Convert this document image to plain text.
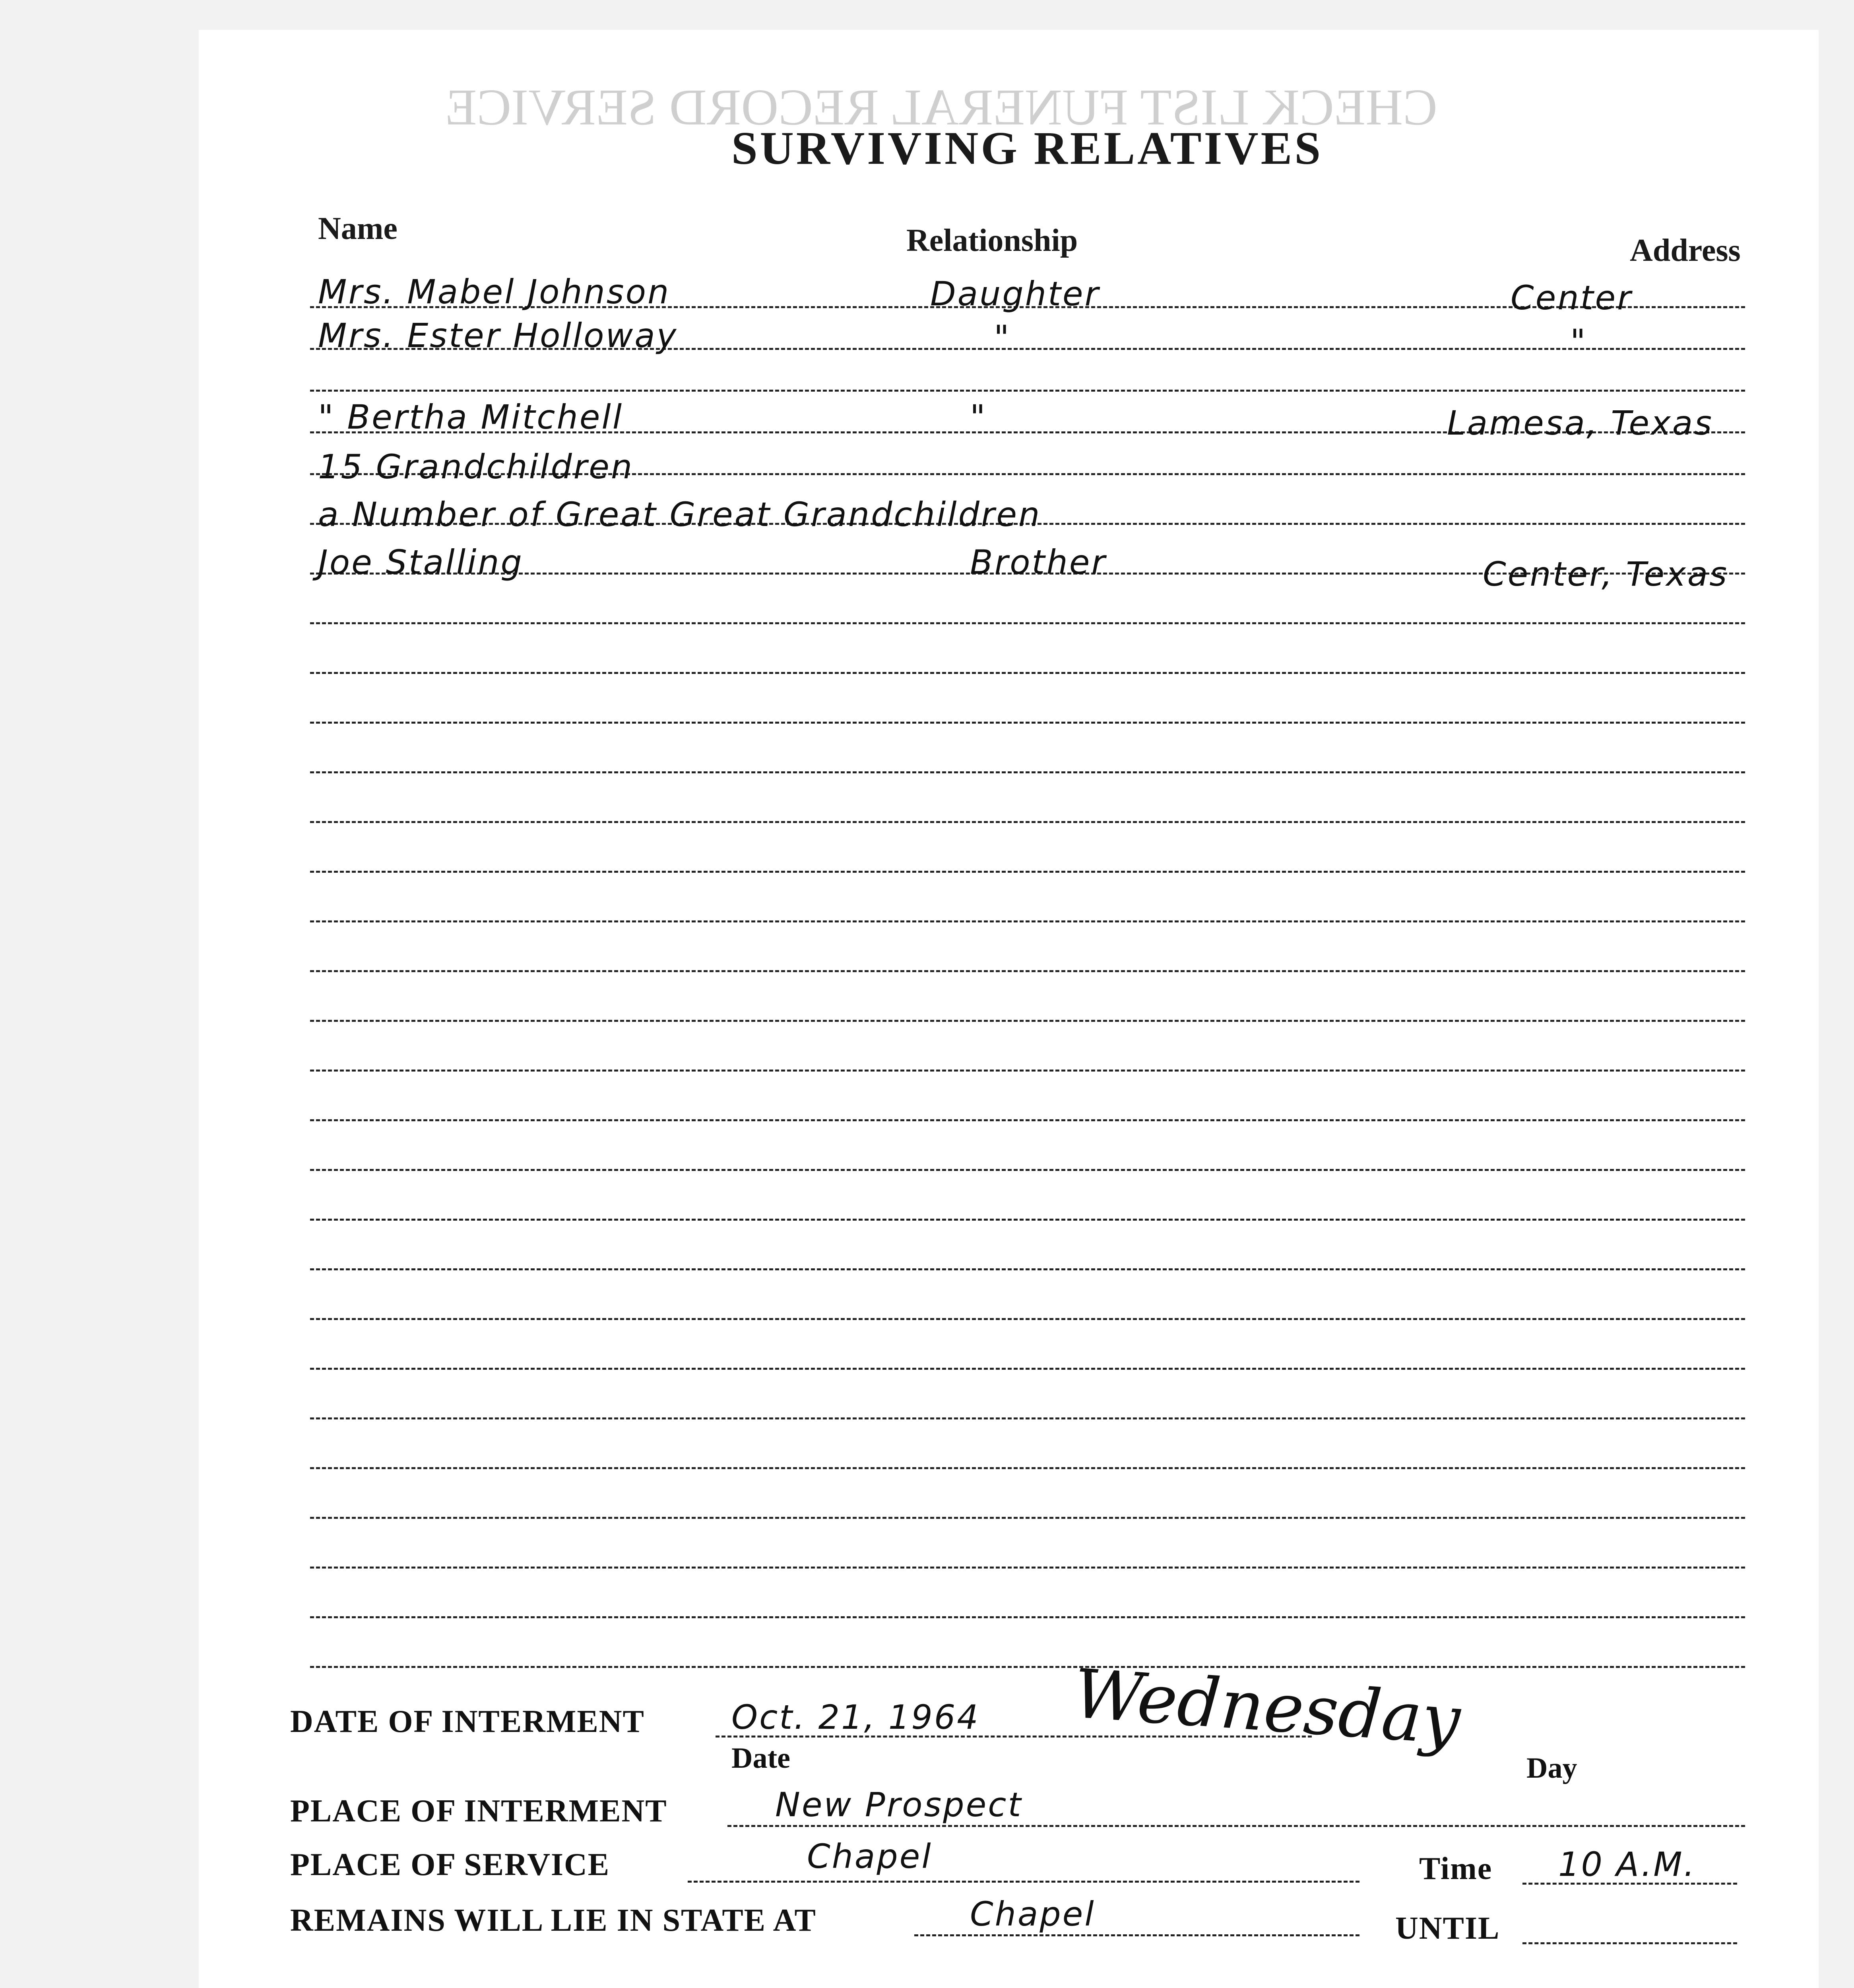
CHECK LIST FUNERAL RECORD SERVICE
SURVIVING RELATIVES
Name	Relationship	Address
Mrs. Mabel Johnson	Daughter	Center
Mrs. Ester Holloway	"	"
" Bertha Mitchell	"	Lamesa, Texas
15 Grandchildren
a Number of Great Great Grandchildren
Joe Stalling	Brother	Center, Texas
DATE OF INTERMENT	Oct. 21, 1964 Wednesday
Date	Day
PLACE OF INTERMENT	New Prospect
PLACE OF SERVICE	Chapel	Time 10 A.M.
REMAINS WILL LIE IN STATE AT	Chapel	UNTIL
